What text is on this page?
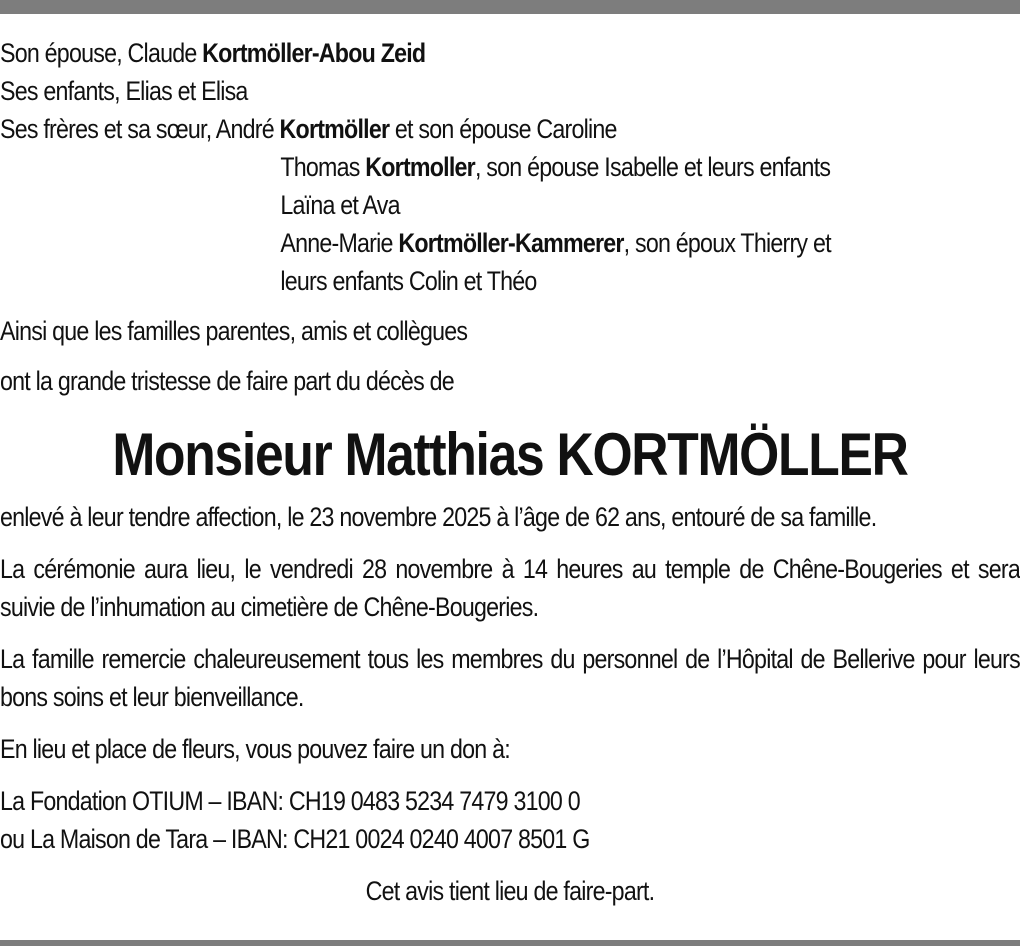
Son épouse, Claude Kortmöller-Abou Zeid
Ses enfants, Elias et Elisa
Ses frères et sa sœur, André Kortmöller et son épouse Caroline
Thomas Kortmoller, son épouse Isabelle et leurs enfants
Laïna et Ava
Anne-Marie Kortmöller-Kammerer, son époux Thierry et
leurs enfants Colin et Théo
Ainsi que les familles parentes, amis et collègues
ont la grande tristesse de faire part du décès de
Monsieur Matthias KORTMÖLLER
enlevé à leur tendre affection, le 23 novembre 2025 à l’âge de 62 ans, entouré de sa famille.
La cérémonie aura lieu, le vendredi 28 novembre à 14 heures au temple de Chêne-Bougeries et sera suivie de l’inhumation au cimetière de Chêne-Bougeries.
La famille remercie chaleureusement tous les membres du personnel de l’Hôpital de Bellerive pour leurs bons soins et leur bienveillance.
En lieu et place de fleurs, vous pouvez faire un don à:
La Fondation OTIUM – IBAN: CH19 0483 5234 7479 3100 0
ou La Maison de Tara – IBAN: CH21 0024 0240 4007 8501 G
Cet avis tient lieu de faire-part.
